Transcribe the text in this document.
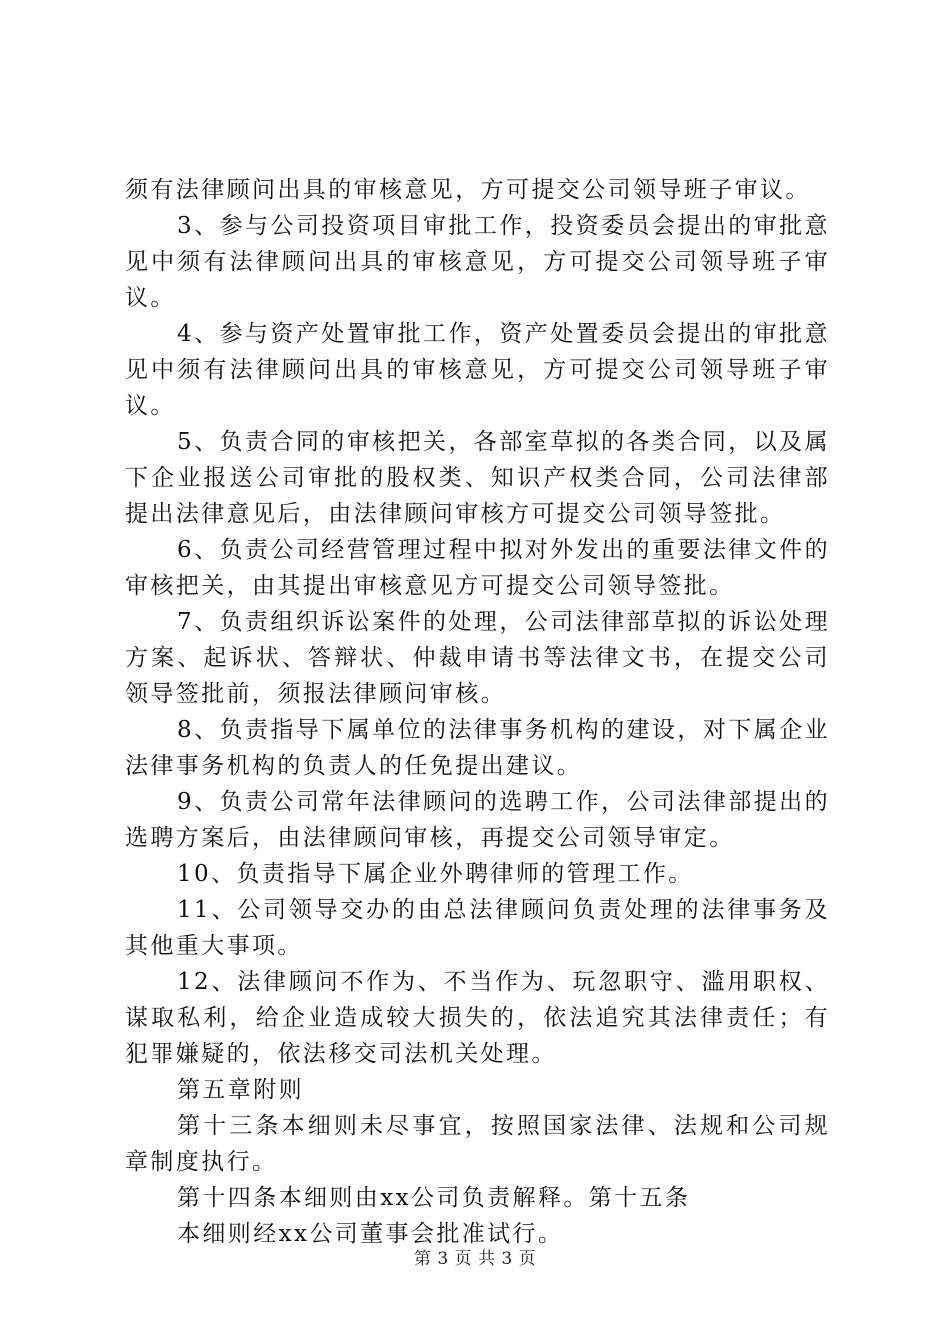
须有法律顾问出具的审核意见，方可提交公司领导班子审议。

3、参与公司投资项目审批工作，投资委员会提出的审批意见中须有法律顾问出具的审核意见，方可提交公司领导班子审议。

4、参与资产处置审批工作，资产处置委员会提出的审批意见中须有法律顾问出具的审核意见，方可提交公司领导班子审议。

5、负责合同的审核把关，各部室草拟的各类合同，以及属下企业报送公司审批的股权类、知识产权类合同，公司法律部提出法律意见后，由法律顾问审核方可提交公司领导签批。

6、负责公司经营管理过程中拟对外发出的重要法律文件的审核把关，由其提出审核意见方可提交公司领导签批。

7、负责组织诉讼案件的处理，公司法律部草拟的诉讼处理方案、起诉状、答辩状、仲裁申请书等法律文书，在提交公司领导签批前，须报法律顾问审核。

8、负责指导下属单位的法律事务机构的建设，对下属企业法律事务机构的负责人的任免提出建议。

9、负责公司常年法律顾问的选聘工作，公司法律部提出的选聘方案后，由法律顾问审核，再提交公司领导审定。

10、负责指导下属企业外聘律师的管理工作。

11、公司领导交办的由总法律顾问负责处理的法律事务及其他重大事项。

12、法律顾问不作为、不当作为、玩忽职守、滥用职权、谋取私利，给企业造成较大损失的，依法追究其法律责任；有犯罪嫌疑的，依法移交司法机关处理。

第五章附则

第十三条本细则未尽事宜，按照国家法律、法规和公司规章制度执行。

第十四条本细则由xx公司负责解释。第十五条

本细则经xx公司董事会批准试行。

第 3 页 共 3 页
